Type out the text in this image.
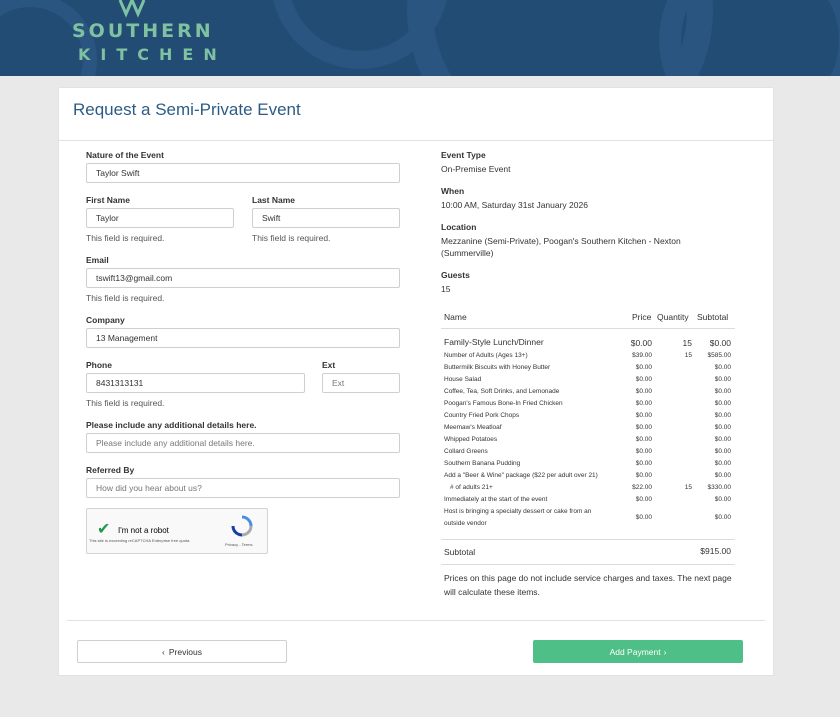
SOUTHERN
KITCHEN
Request a Semi-Private Event
Nature of the Event
Taylor Swift
First Name
Taylor
This field is required.
Last Name
Swift
This field is required.
Email
tswift13@gmail.com
This field is required.
Company
13 Management
Phone
8431313131
This field is required.
Ext
Ext
Please include any additional details here.
Please include any additional details here.
Referred By
How did you hear about us?
✔ I'm not a robot
This site is exceeding reCAPTCHA Enterprise free quota.
Privacy - Terms
Event Type
On-Premise Event
When
10:00 AM, Saturday 31st January 2026
Location
Mezzanine (Semi-Private), Poogan's Southern Kitchen - Nexton (Summerville)
Guests
15
Name	Price Quantity Subtotal
Family-Style Lunch/Dinner	$0.00	15	$0.00
Number of Adults (Ages 13+)	$39.00	15	$585.00
Buttermilk Biscuits with Honey Butter	$0.00	$0.00
House Salad	$0.00	$0.00
Coffee, Tea, Soft Drinks, and Lemonade	$0.00	$0.00
Poogan's Famous Bone-In Fried Chicken	$0.00	$0.00
Country Fried Pork Chops	$0.00	$0.00
Meemaw's Meatloaf	$0.00	$0.00
Whipped Potatoes	$0.00	$0.00
Collard Greens	$0.00	$0.00
Southern Banana Pudding	$0.00	$0.00
Add a "Beer & Wine" package ($22 per adult over 21)	$0.00	$0.00
# of adults 21+	$22.00	15	$330.00
Immediately at the start of the event	$0.00	$0.00
Host is bringing a specialty dessert or cake from an
outside vendor
$0.00	$0.00
Subtotal	$915.00
Prices on this page do not include service charges and taxes. The next page will calculate these items.
‹ Previous	Add Payment ›
